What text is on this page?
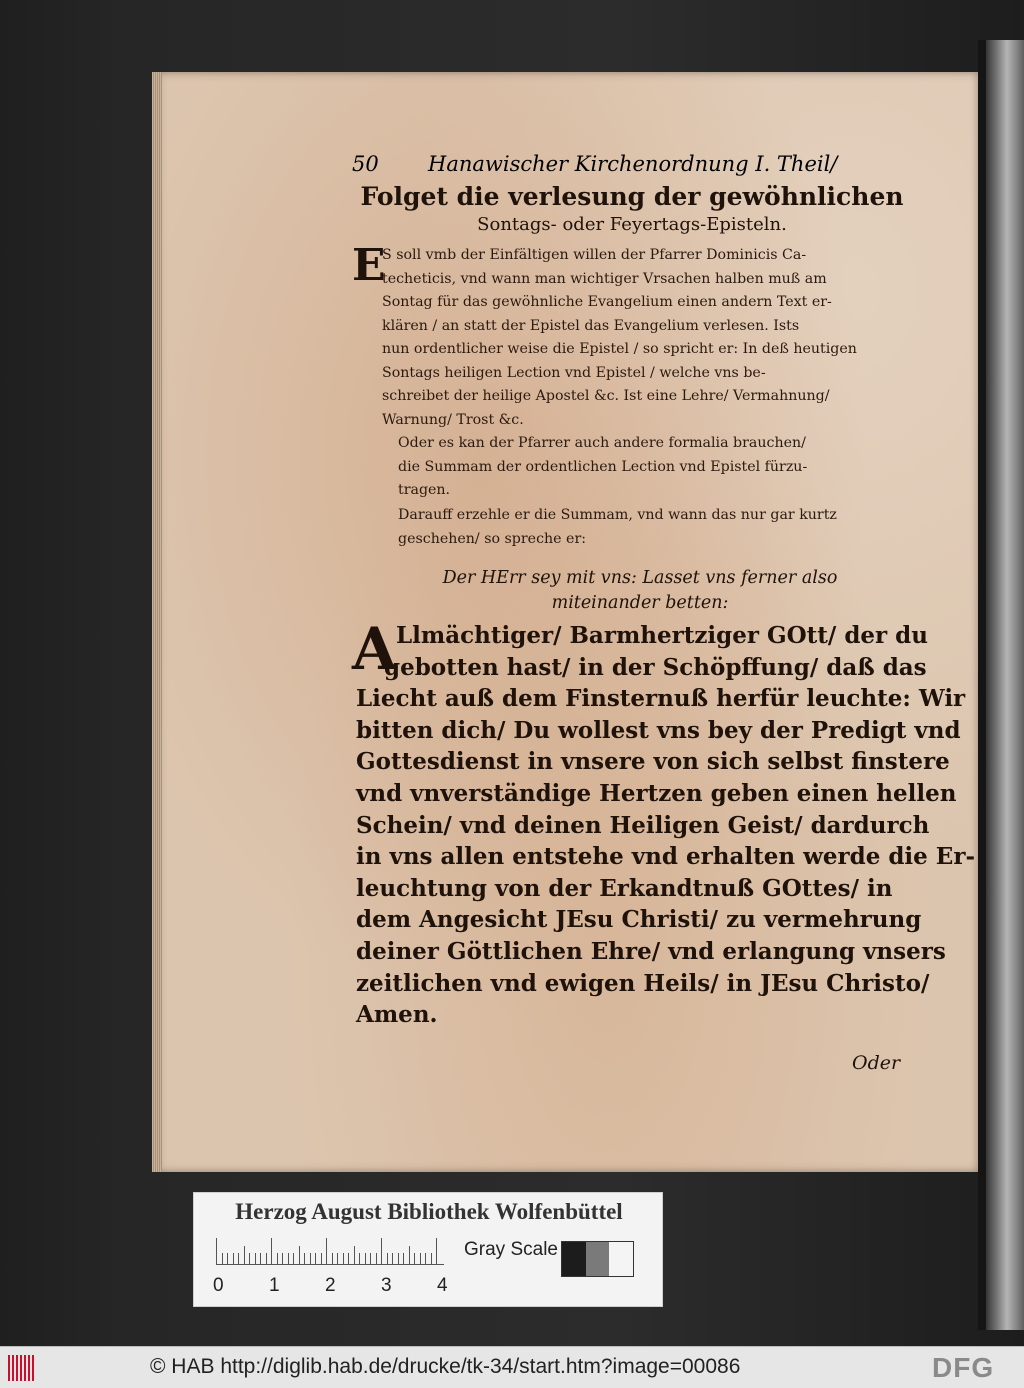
50 Hanawischer Kirchenordnung I. Theil/
Folget die verlesung der gewöhnlichen
Sontags- oder Feyertags-Episteln.
E
S soll vmb der Einfältigen willen der Pfarrer Dominicis Ca-
techeticis, vnd wann man wichtiger Vrsachen halben muß am
Sontag für das gewöhnliche Evangelium einen andern Text er-
klären / an statt der Epistel das Evangelium verlesen. Ists
nun ordentlicher weise die Epistel / so spricht er: In deß heutigen
Sontags heiligen Lection vnd Epistel / welche vns be-
schreibet der heilige Apostel &c. Ist eine Lehre/ Vermahnung/
Warnung/ Trost &c.
Oder es kan der Pfarrer auch andere formalia brauchen/
die Summam der ordentlichen Lection vnd Epistel fürzu-
tragen.
Darauff erzehle er die Summam, vnd wann das nur gar kurtz
geschehen/ so spreche er:
Der HErr sey mit vns: Lasset vns ferner also
miteinander betten:
A
Llmächtiger/ Barmhertziger GOtt/ der du
gebotten hast/ in der Schöpffung/ daß das
Liecht auß dem Finsternuß herfür leuchte: Wir
bitten dich/ Du wollest vns bey der Predigt vnd
Gottesdienst in vnsere von sich selbst finstere
vnd vnverständige Hertzen geben einen hellen
Schein/ vnd deinen Heiligen Geist/ dardurch
in vns allen entstehe vnd erhalten werde die Er-
leuchtung von der Erkandtnuß GOttes/ in
dem Angesicht JEsu Christi/ zu vermehrung
deiner Göttlichen Ehre/ vnd erlangung vnsers
zeitlichen vnd ewigen Heils/ in JEsu Christo/
Amen.
Oder
Herzog August Bibliothek Wolfenbüttel
0 1 2 3 4
Gray Scale
© HAB http://diglib.hab.de/drucke/tk-34/start.htm?image=00086	DFG
